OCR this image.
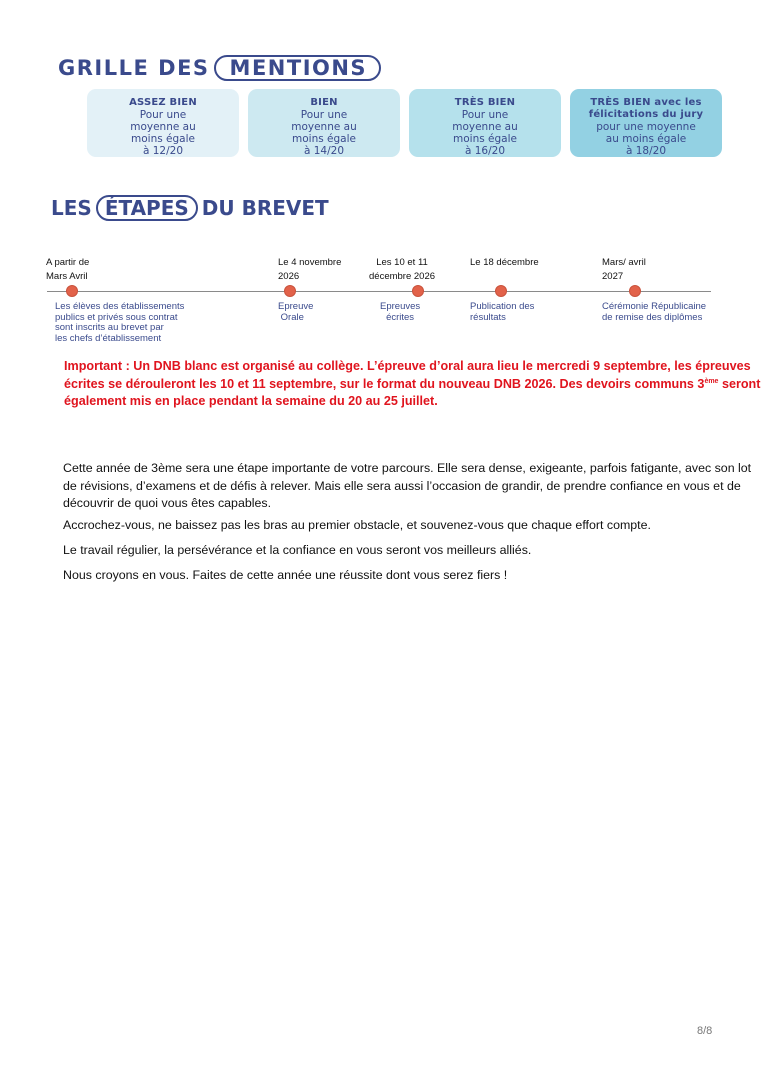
GRILLE DES MENTIONS
ASSEZ BIEN
Pour une
moyenne au
moins égale
à 12/20
BIEN
Pour une
moyenne au
moins égale
à 14/20
TRÈS BIEN
Pour une
moyenne au
moins égale
à 16/20
TRÈS BIEN avec les
félicitations du jury
pour une moyenne
au moins égale
à 18/20
LES ÉTAPES DU BREVET
A partir de
Mars Avril
Le 4 novembre
2026
Les 10 et 11
décembre 2026
Le 18 décembre	Mars/ avril
2027
Les élèves des établissements
publics et privés sous contrat
sont inscrits au brevet par
les chefs d’établissement
Epreuve
Orale
Epreuves
écrites
Publication des
résultats
Cérémonie Républicaine
de remise des diplômes
Important : Un DNB blanc est organisé au collège. L’épreuve d’oral aura lieu le mercredi 9 septembre, les épreuves écrites se dérouleront les 10 et 11 septembre, sur le format du nouveau DNB 2026. Des devoirs communs 3ème seront également mis en place pendant la semaine du 20 au 25 juillet.
Cette année de 3ème sera une étape importante de votre parcours. Elle sera dense, exigeante, parfois fatigante, avec son lot de révisions, d’examens et de défis à relever. Mais elle sera aussi l’occasion de grandir, de prendre confiance en vous et de découvrir de quoi vous êtes capables.
Accrochez-vous, ne baissez pas les bras au premier obstacle, et souvenez-vous que chaque effort compte.
Le travail régulier, la persévérance et la confiance en vous seront vos meilleurs alliés.
Nous croyons en vous. Faites de cette année une réussite dont vous serez fiers !
8/8
